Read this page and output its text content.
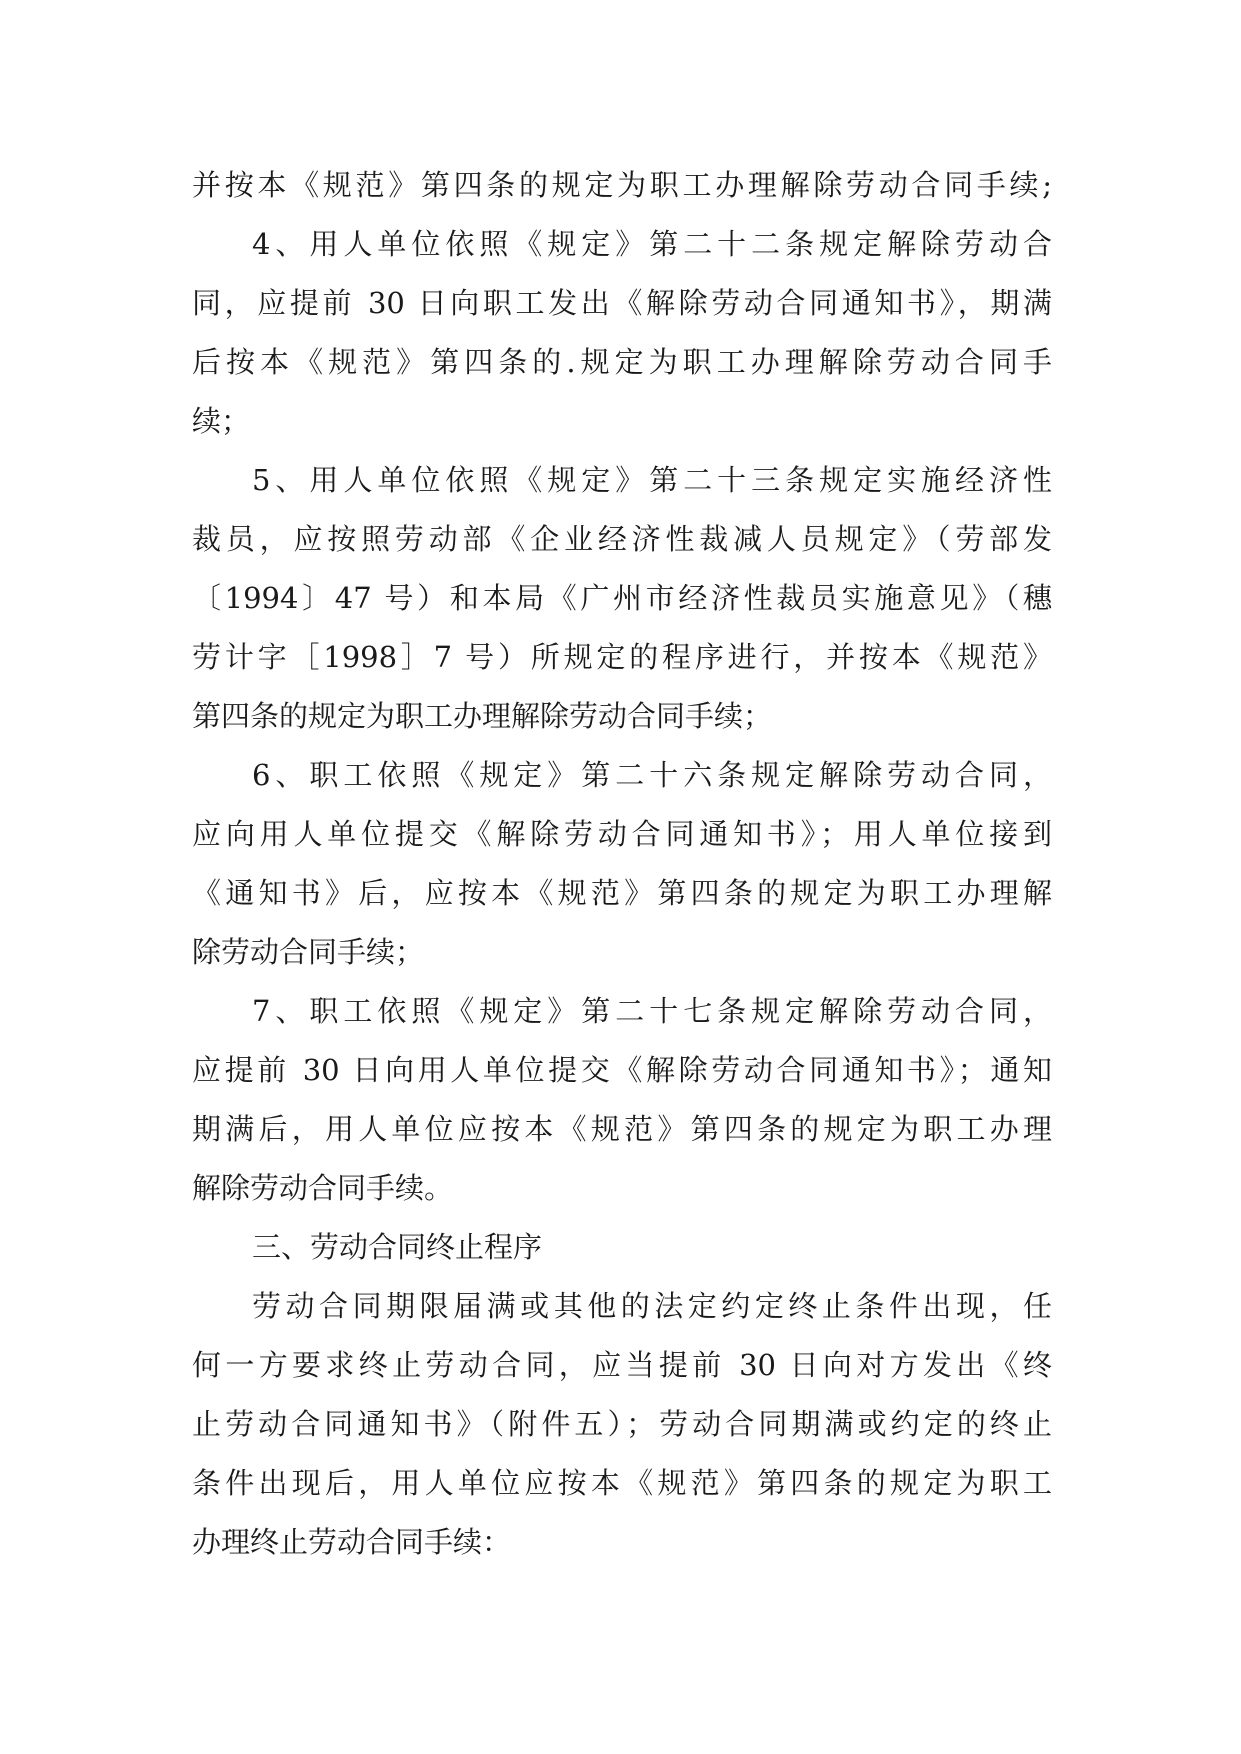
并按本《规范》第四条的规定为职工办理解除劳动合同手续;
4、用人单位依照《规定》第二十二条规定解除劳动合
同，应提前 30 日向职工发出《解除劳动合同通知书》，期满
后按本《规范》第四条的.规定为职工办理解除劳动合同手
续；
5、用人单位依照《规定》第二十三条规定实施经济性
裁员，应按照劳动部《企业经济性裁减人员规定》（劳部发
〔1994〕47 号）和本局《广州市经济性裁员实施意见》（穗
劳计字［1998］7 号）所规定的程序进行，并按本《规范》
第四条的规定为职工办理解除劳动合同手续；
6、职工依照《规定》第二十六条规定解除劳动合同，
应向用人单位提交《解除劳动合同通知书》；用人单位接到
《通知书》后，应按本《规范》第四条的规定为职工办理解
除劳动合同手续；
7、职工依照《规定》第二十七条规定解除劳动合同，
应提前 30 日向用人单位提交《解除劳动合同通知书》；通知
期满后，用人单位应按本《规范》第四条的规定为职工办理
解除劳动合同手续。
三、劳动合同终止程序
劳动合同期限届满或其他的法定约定终止条件出现，任
何一方要求终止劳动合同，应当提前 30 日向对方发出《终
止劳动合同通知书》（附件五）；劳动合同期满或约定的终止
条件出现后，用人单位应按本《规范》第四条的规定为职工
办理终止劳动合同手续：
